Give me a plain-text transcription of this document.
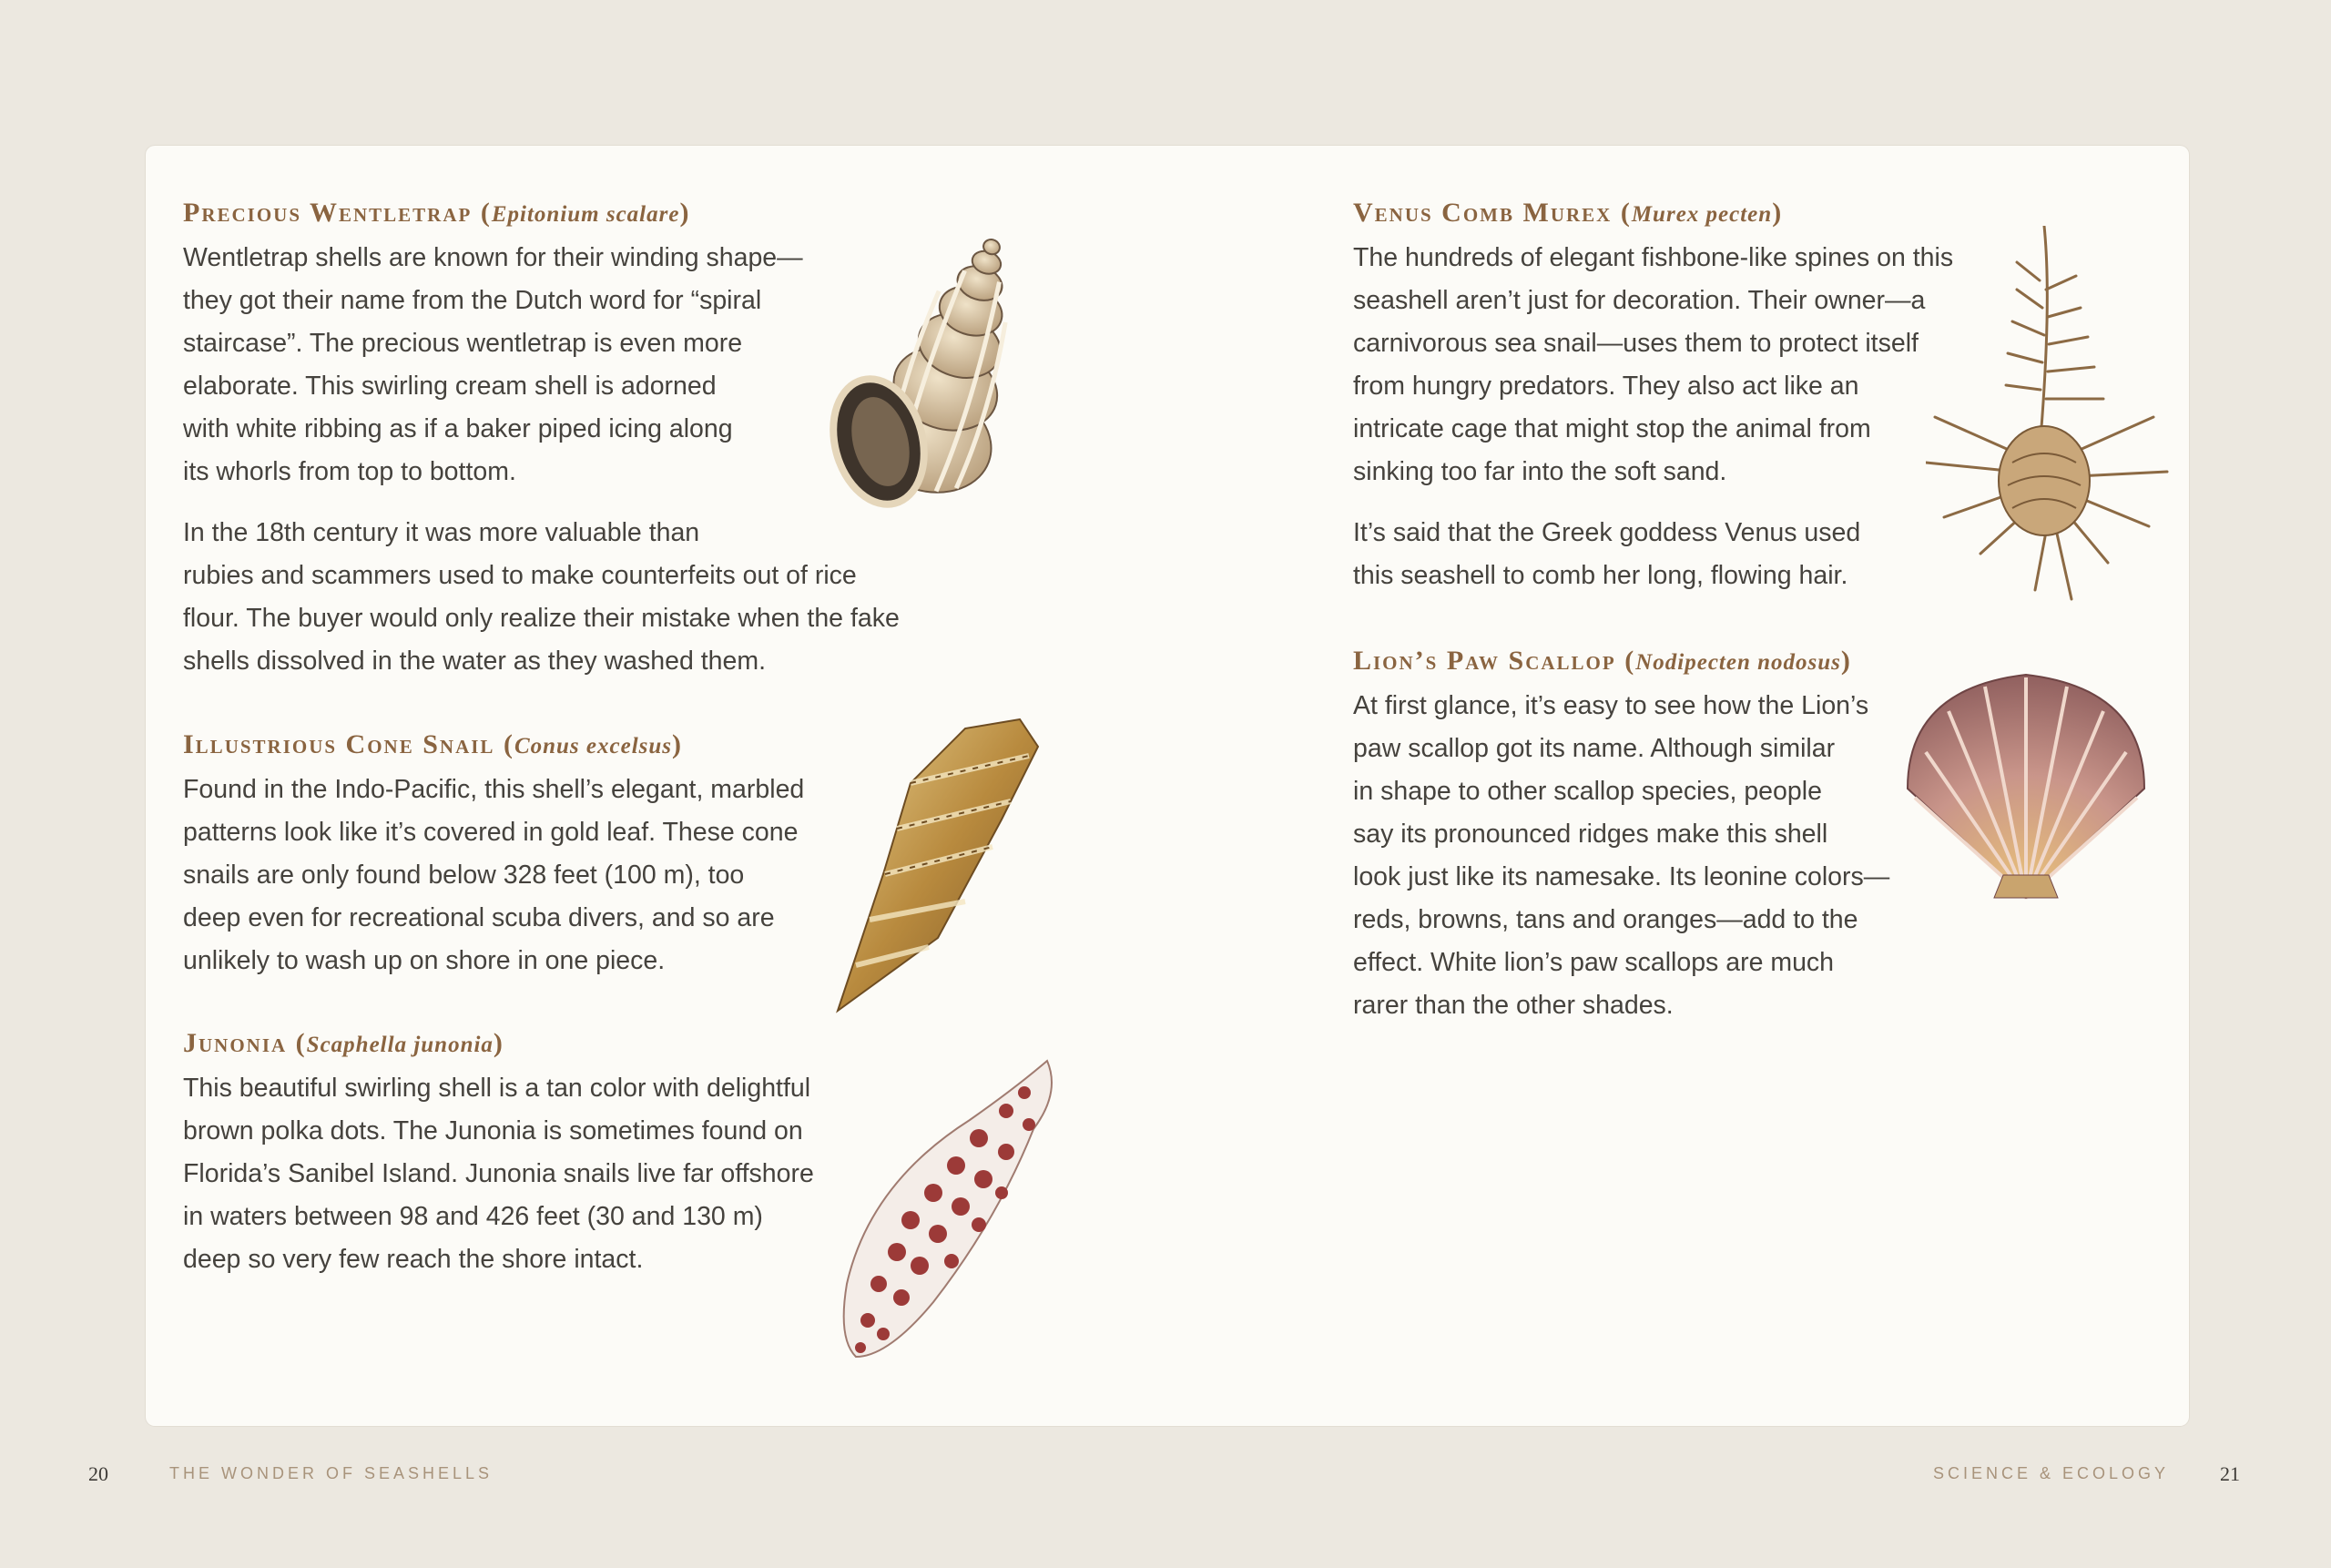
Precious Wentletrap (Epitonium scalare)

Wentletrap shells are known for their winding shape—
they got their name from the Dutch word for “spiral
staircase”. The precious wentletrap is even more
elaborate. This swirling cream shell is adorned
with white ribbing as if a baker piped icing along
its whorls from top to bottom.

In the 18th century it was more valuable than
rubies and scammers used to make counterfeits out of rice
flour. The buyer would only realize their mistake when the fake
shells dissolved in the water as they washed them.

Illustrious Cone Snail (Conus excelsus)

Found in the Indo-Pacific, this shell’s elegant, marbled
patterns look like it’s covered in gold leaf. These cone
snails are only found below 328 feet (100 m), too
deep even for recreational scuba divers, and so are
unlikely to wash up on shore in one piece.

Junonia (Scaphella junonia)

This beautiful swirling shell is a tan color with delightful
brown polka dots. The Junonia is sometimes found on
Florida’s Sanibel Island. Junonia snails live far offshore
in waters between 98 and 426 feet (30 and 130 m)
deep so very few reach the shore intact.

Venus Comb Murex (Murex pecten)

The hundreds of elegant fishbone-like spines on this
seashell aren’t just for decoration. Their owner—a
carnivorous sea snail—uses them to protect itself
from hungry predators. They also act like an
intricate cage that might stop the animal from
sinking too far into the soft sand.

It’s said that the Greek goddess Venus used
this seashell to comb her long, flowing hair.

Lion’s Paw Scallop (Nodipecten nodosus)

At first glance, it’s easy to see how the Lion’s
paw scallop got its name. Although similar
in shape to other scallop species, people
say its pronounced ridges make this shell
look just like its namesake. Its leonine colors—
reds, browns, tans and oranges—add to the
effect. White lion’s paw scallops are much
rarer than the other shades.

20	THE WONDER OF SEASHELLS	SCIENCE & ECOLOGY	21
